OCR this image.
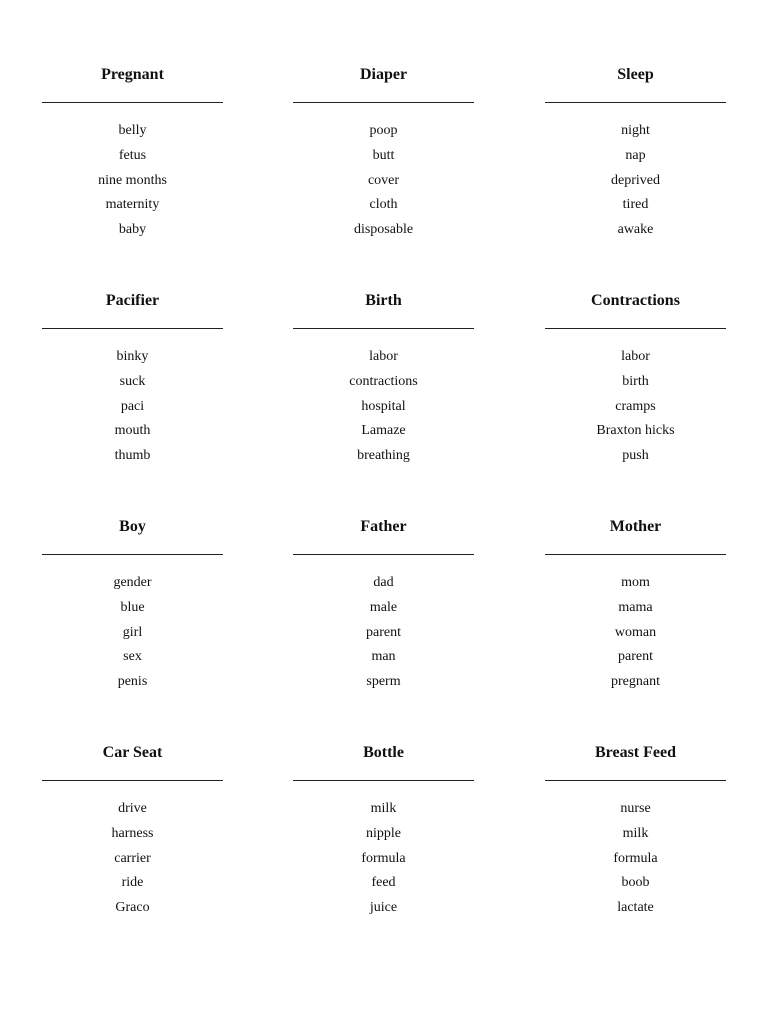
Pregnant
belly
fetus
nine months
maternity
baby
Diaper
poop
butt
cover
cloth
disposable
Sleep
night
nap
deprived
tired
awake
Pacifier
binky
suck
paci
mouth
thumb
Birth
labor
contractions
hospital
Lamaze
breathing
Contractions
labor
birth
cramps
Braxton hicks
push
Boy
gender
blue
girl
sex
penis
Father
dad
male
parent
man
sperm
Mother
mom
mama
woman
parent
pregnant
Car Seat
drive
harness
carrier
ride
Graco
Bottle
milk
nipple
formula
feed
juice
Breast Feed
nurse
milk
formula
boob
lactate
